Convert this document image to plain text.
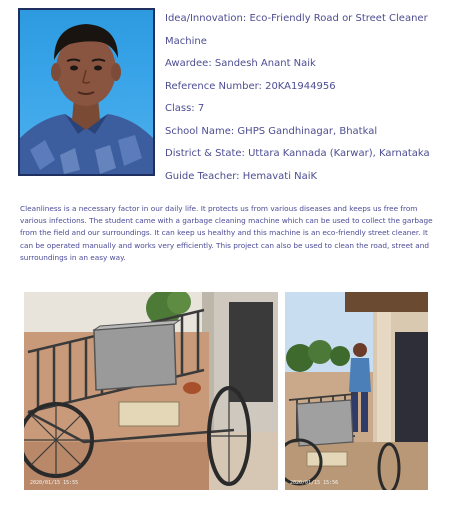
Idea/Innovation: Eco-Friendly Road or Street Cleaner
Machine
Awardee: Sandesh Anant Naik
Reference Number: 20KA1944956
Class: 7
School Name: GHPS Gandhinagar, Bhatkal
District & State: Uttara Kannada (Karwar), Karnataka
Guide Teacher: Hemavati NaiK
Cleanliness is a necessary factor in our daily life. It protects us from various diseases and keeps us free from various infections. The student came with a garbage cleaning machine which can be used to collect the garbage from the field and our surroundings. It can keep us healthy and this machine is an eco-friendly street cleaner. It can be operated manually and works very efficiently. This project can also be used to clean the road, street and surroundings in an easy way.
2020/01/15 15:55	2020/01/15 15:56
